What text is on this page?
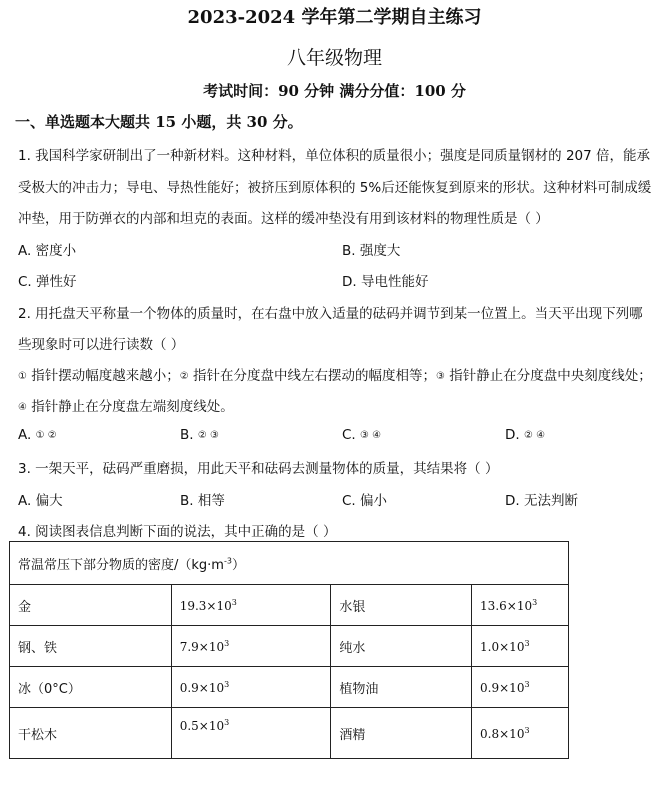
2023-2024 学年第二学期自主练习
八年级物理
考试时间：90 分钟 满分分值：100 分
一、单选题本大题共 15 小题，共 30 分。
1. 我国科学家研制出了一种新材料。这种材料，单位体积的质量很小；强度是同质量钢材的 207 倍，能承
受极大的冲击力；导电、导热性能好；被挤压到原体积的 5%后还能恢复到原来的形状。这种材料可制成缓
冲垫，用于防弹衣的内部和坦克的表面。这样的缓冲垫没有用到该材料的物理性质是（ ）
A. 密度小	B. 强度大
C. 弹性好	D. 导电性能好
2. 用托盘天平称量一个物体的质量时，在右盘中放入适量的砝码并调节到某一位置上。当天平出现下列哪
些现象时可以进行读数（ ）
① 指针摆动幅度越来越小；② 指针在分度盘中线左右摆动的幅度相等；③ 指针静止在分度盘中央刻度线处；
④ 指针静止在分度盘左端刻度线处。
A. ① ②	B. ② ③	C. ③ ④	D. ② ④
3. 一架天平，砝码严重磨损，用此天平和砝码去测量物体的质量，其结果将（ ）
A. 偏大	B. 相等	C. 偏小	D. 无法判断
4. 阅读图表信息判断下面的说法，其中正确的是（ ）
常温常压下部分物质的密度$/(kg\cdot m^{-3})$			
金	$19.3\times 10^3$	水银	$13.6\times 10^3$
钢、铁	$7.9\times 10^3$	纯水	$1.0\times 10^3$
冰（0°C）	$0.9\times 10^3$	植物油	$0.9\times 10^3$
干松木	$0.5\times 10^3$	酒精	$0.8\times 10^3$
